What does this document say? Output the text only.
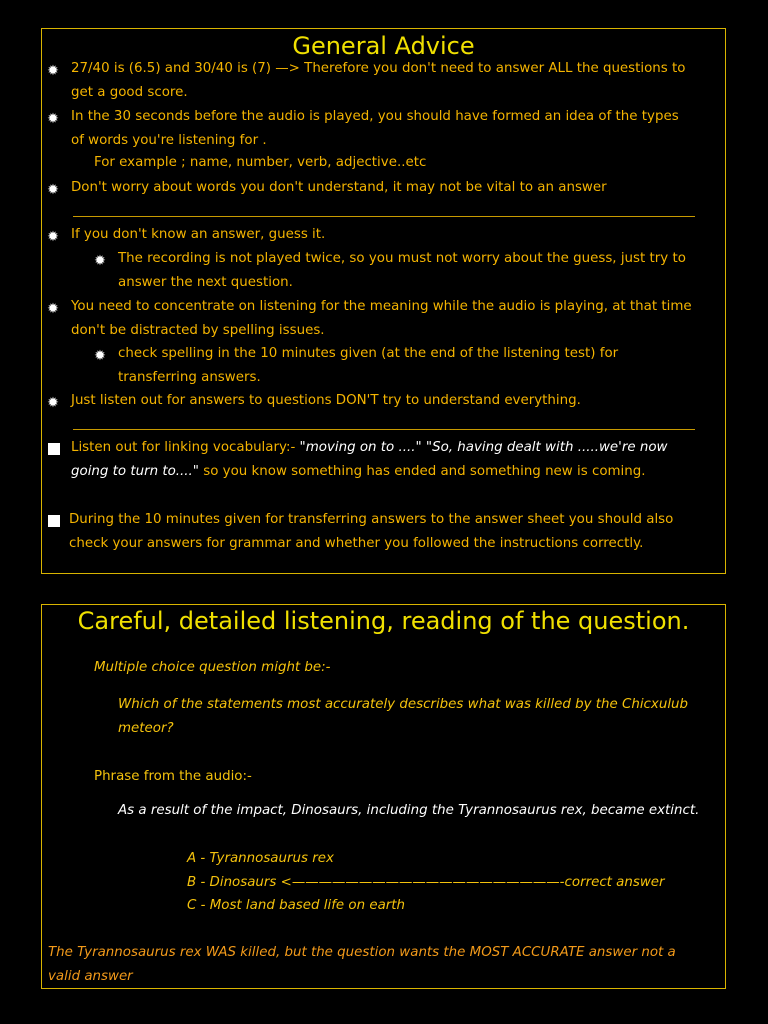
General Advice
✹ 27/40 is (6.5) and 30/40 is (7) —> Therefore you don't need to answer ALL the questions to
get a good score.
✹ In the 30 seconds before the audio is played, you should have formed an idea of the types
of words you're listening for .
For example ; name, number, verb, adjective..etc
✹ Don't worry about words you don't understand, it may not be vital to an answer
✹ If you don't know an answer, guess it.
✹ The recording is not played twice, so you must not worry about the guess, just try to
answer the next question.
✹ You need to concentrate on listening for the meaning while the audio is playing, at that time
don't be distracted by spelling issues.
✹ check spelling in the 10 minutes given (at the end of the listening test) for
transferring answers.
✹ Just listen out for answers to questions DON'T try to understand everything.
Listen out for linking vocabulary:- "moving on to ...." "So, having dealt with .....we're now
going to turn to...." so you know something has ended and something new is coming.
During the 10 minutes given for transferring answers to the answer sheet you should also
check your answers for grammar and whether you followed the instructions correctly.
Careful, detailed listening, reading of the question.
Multiple choice question might be:-
Which of the statements most accurately describes what was killed by the Chicxulub
meteor?
Phrase from the audio:-
As a result of the impact, Dinosaurs, including the Tyrannosaurus rex, became extinct.
A - Tyrannosaurus rex
B - Dinosaurs <————————————————————-correct answer
C - Most land based life on earth
The Tyrannosaurus rex WAS killed, but the question wants the MOST ACCURATE answer not a
valid answer
